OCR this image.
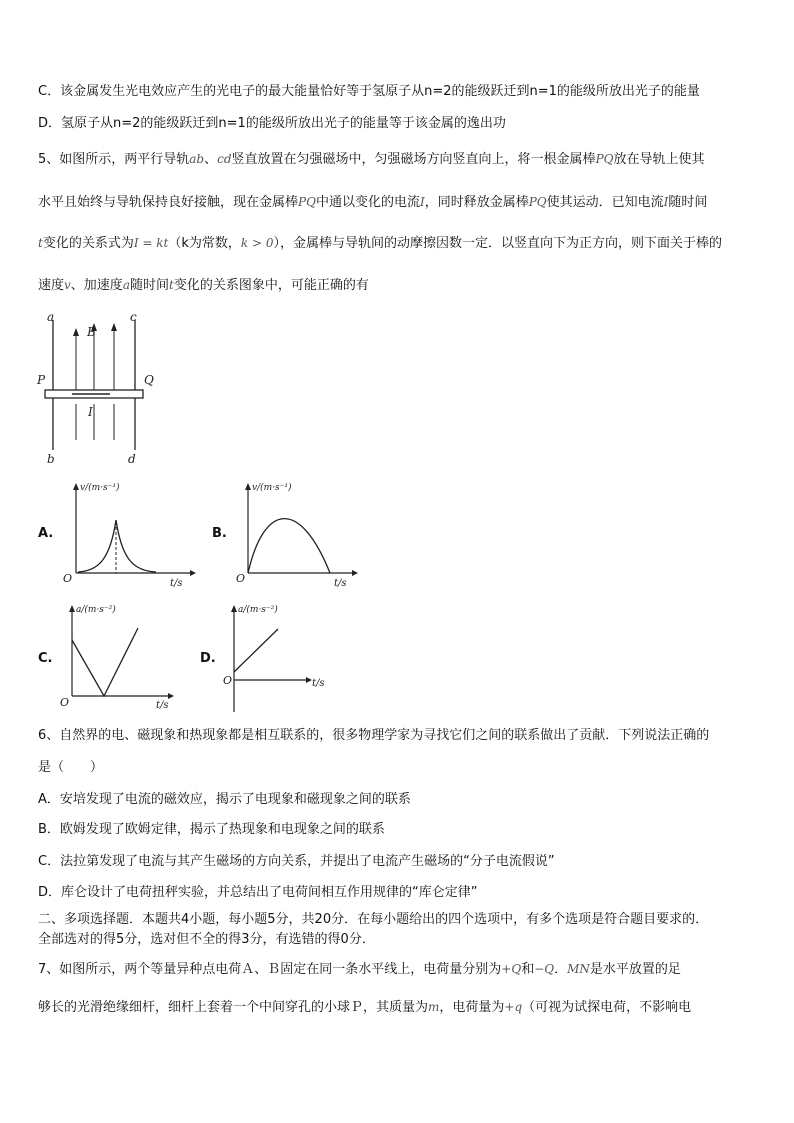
C．该金属发生光电效应产生的光电子的最大能量恰好等于氢原子从n=2的能级跃迁到n=1的能级所放出光子的能量
D．氢原子从n=2的能级跃迁到n=1的能级所放出光子的能量等于该金属的逸出功
5、如图所示，两平行导轨ab、cd竖直放置在匀强磁场中，匀强磁场方向竖直向上，将一根金属棒PQ放在导轨上使其
水平且始终与导轨保持良好接触，现在金属棒PQ中通以变化的电流I，同时释放金属棒PQ使其运动．已知电流I随时间
t变化的关系式为I = kt（k为常数，k > 0），金属棒与导轨间的动摩擦因数一定．以竖直向下为正方向，则下面关于棒的
速度v、加速度a随时间t变化的关系图象中，可能正确的有
a
b
c
d
P	Q
B
I
A.
v/(m·s⁻¹)
t/s
O
B.
v/(m·s⁻¹)
t/s
O
C.
a/(m·s⁻²)
t/s
O
D.
a/(m·s⁻²)
t/s
O
6、自然界的电、磁现象和热现象都是相互联系的，很多物理学家为寻找它们之间的联系做出了贡献．下列说法正确的
是（　　）
A．安培发现了电流的磁效应，揭示了电现象和磁现象之间的联系
B．欧姆发现了欧姆定律，揭示了热现象和电现象之间的联系
C．法拉第发现了电流与其产生磁场的方向关系，并提出了电流产生磁场的“分子电流假说”
D．库仑设计了电荷扭秤实验，并总结出了电荷间相互作用规律的“库仑定律”
二、多项选择题．本题共4小题，每小题5分，共20分．在每小题给出的四个选项中，有多个选项是符合题目要求的．
全部选对的得5分，选对但不全的得3分，有选错的得0分．
7、如图所示，两个等量异种点电荷Ａ、Ｂ固定在同一条水平线上，电荷量分别为+Q和−Q．MN是水平放置的足
够长的光滑绝缘细杆，细杆上套着一个中间穿孔的小球Ｐ，其质量为m，电荷量为+q（可视为试探电荷，不影响电
